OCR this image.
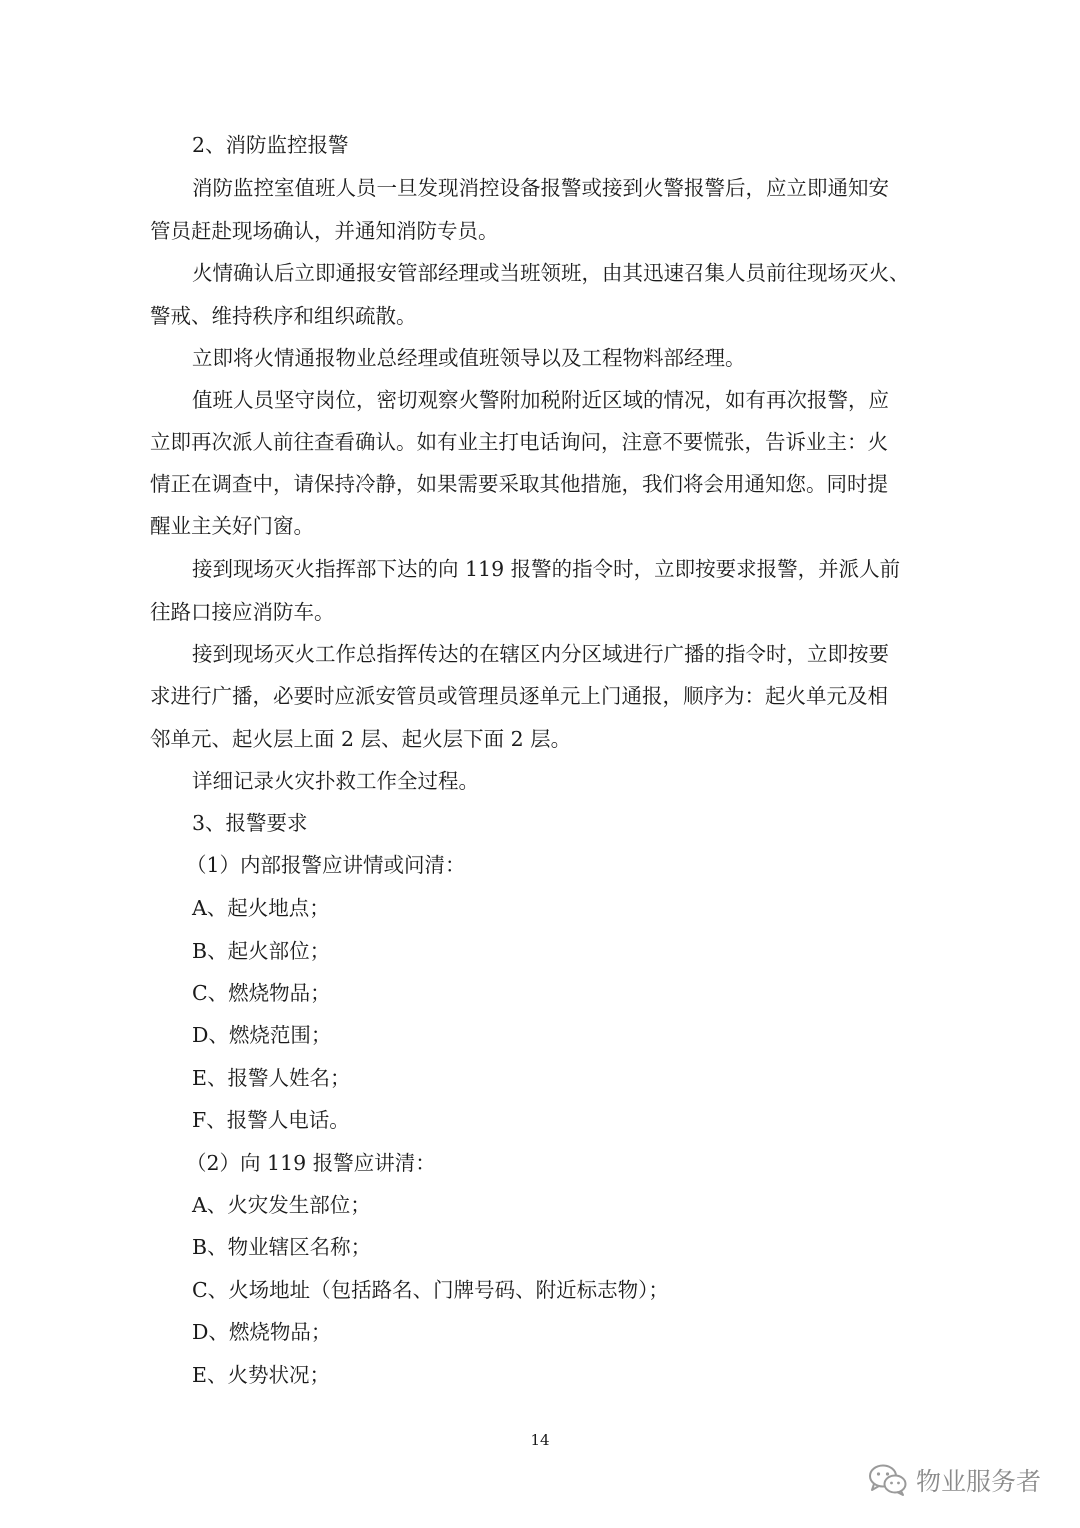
2、消防监控报警
消防监控室值班人员一旦发现消控设备报警或接到火警报警后，应立即通知安
管员赶赴现场确认，并通知消防专员。
火情确认后立即通报安管部经理或当班领班，由其迅速召集人员前往现场灭火、
警戒、维持秩序和组织疏散。
立即将火情通报物业总经理或值班领导以及工程物料部经理。
值班人员坚守岗位，密切观察火警附加税附近区域的情况，如有再次报警，应
立即再次派人前往查看确认。如有业主打电话询问，注意不要慌张，告诉业主：火
情正在调查中，请保持冷静，如果需要采取其他措施，我们将会用通知您。同时提
醒业主关好门窗。
接到现场灭火指挥部下达的向 119 报警的指令时，立即按要求报警，并派人前
往路口接应消防车。
接到现场灭火工作总指挥传达的在辖区内分区域进行广播的指令时，立即按要
求进行广播，必要时应派安管员或管理员逐单元上门通报，顺序为：起火单元及相
邻单元、起火层上面 2 层、起火层下面 2 层。
详细记录火灾扑救工作全过程。
3、报警要求
（1）内部报警应讲情或问清：
A、起火地点；
B、起火部位；
C、燃烧物品；
D、燃烧范围；
E、报警人姓名；
F、报警人电话。
（2）向 119 报警应讲清：
A、火灾发生部位；
B、物业辖区名称；
C、火场地址（包括路名、门牌号码、附近标志物）；
D、燃烧物品；
E、火势状况；
14
物业服务者
